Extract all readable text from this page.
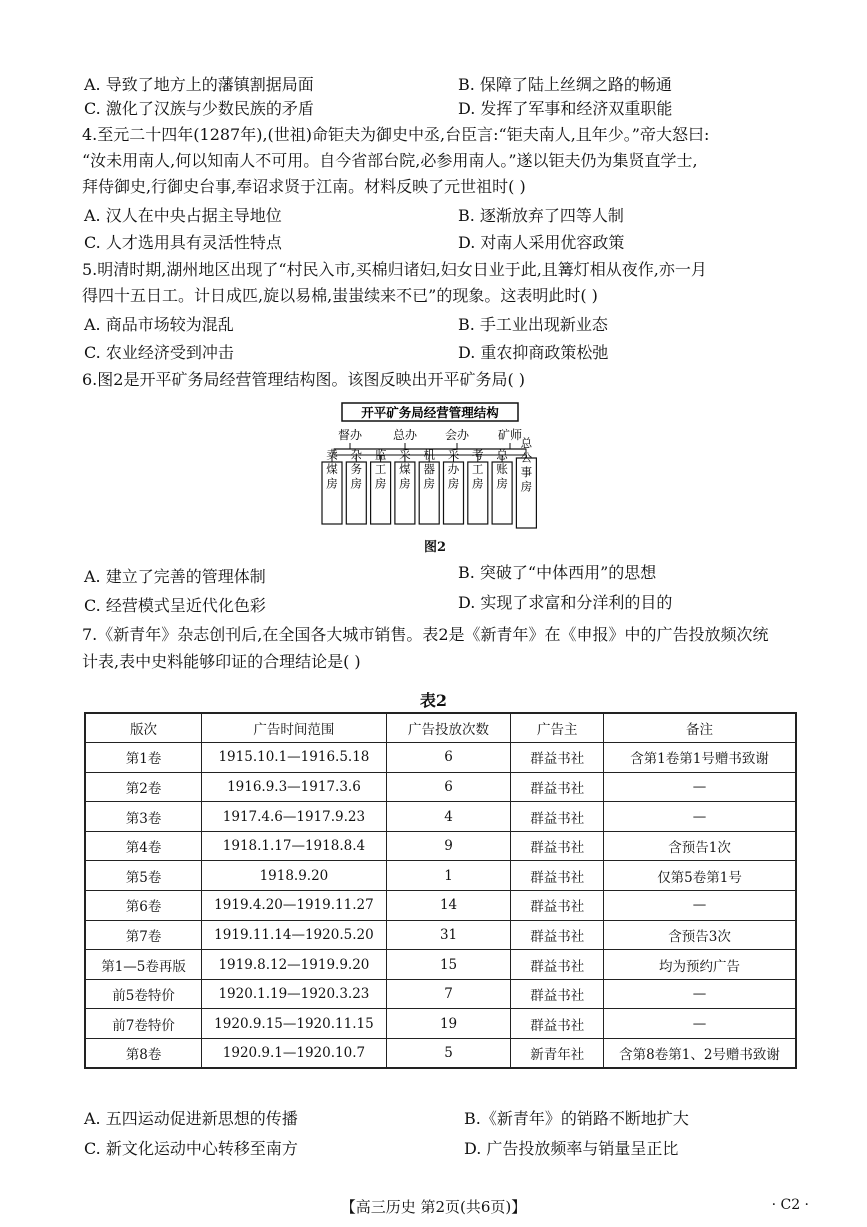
A. 导致了地方上的藩镇割据局面	B. 保障了陆上丝绸之路的畅通
C. 激化了汉族与少数民族的矛盾	D. 发挥了军事和经济双重职能
4.至元二十四年(1287年),(世祖)命钜夫为御史中丞,台臣言:“钜夫南人,且年少。”帝大怒曰:
“汝未用南人,何以知南人不可用。自今省部台院,必参用南人。”遂以钜夫仍为集贤直学士,
拜侍御史,行御史台事,奉诏求贤于江南。材料反映了元世祖时( )
A. 汉人在中央占据主导地位	B. 逐渐放弃了四等人制
C. 人才选用具有灵活性特点	D. 对南人采用优容政策
5.明清时期,湖州地区出现了“村民入市,买棉归诸妇,妇女日业于此,且篝灯相从夜作,亦一月
得四十五日工。计日成匹,旋以易棉,蚩蚩续来不已”的现象。这表明此时( )
A. 商品市场较为混乱	B. 手工业出现新业态
C. 农业经济受到冲击	D. 重农抑商政策松弛
6.图2是开平矿务局经营管理结构图。该图反映出开平矿务局( )
开平矿务局经营管理结构
督办	总办 会办 矿师
卖煤房 杂务房 监工房 采煤房 机器房 采办房 考工房 总账房 总公事房
图2
A. 建立了完善的管理体制	B. 突破了“中体西用”的思想
C. 经营模式呈近代化色彩	D. 实现了求富和分洋利的目的
7.《新青年》杂志创刊后,在全国各大城市销售。表2是《新青年》在《申报》中的广告投放频次统
计表,表中史料能够印证的合理结论是( )
表2
版次	广告时间范围	广告投放次数	广告主	备注
第1卷	1915.10.1—1916.5.18	6	群益书社	含第1卷第1号赠书致谢
第2卷	1916.9.3—1917.3.6	6	群益书社	—
第3卷	1917.4.6—1917.9.23	4	群益书社	—
第4卷	1918.1.17—1918.8.4	9	群益书社	含预告1次
第5卷	1918.9.20	1	群益书社	仅第5卷第1号
第6卷	1919.4.20—1919.11.27	14	群益书社	—
第7卷	1919.11.14—1920.5.20	31	群益书社	含预告3次
第1—5卷再版	1919.8.12—1919.9.20	15	群益书社	均为预约广告
前5卷特价	1920.1.19—1920.3.23	7	群益书社	—
前7卷特价	1920.9.15—1920.11.15	19	群益书社	—
第8卷	1920.9.1—1920.10.7	5	新青年社	含第8卷第1、2号赠书致谢
A. 五四运动促进新思想的传播	B.《新青年》的销路不断地扩大
C. 新文化运动中心转移至南方	D. 广告投放频率与销量呈正比
【高三历史 第2页(共6页)】	· C2 ·
